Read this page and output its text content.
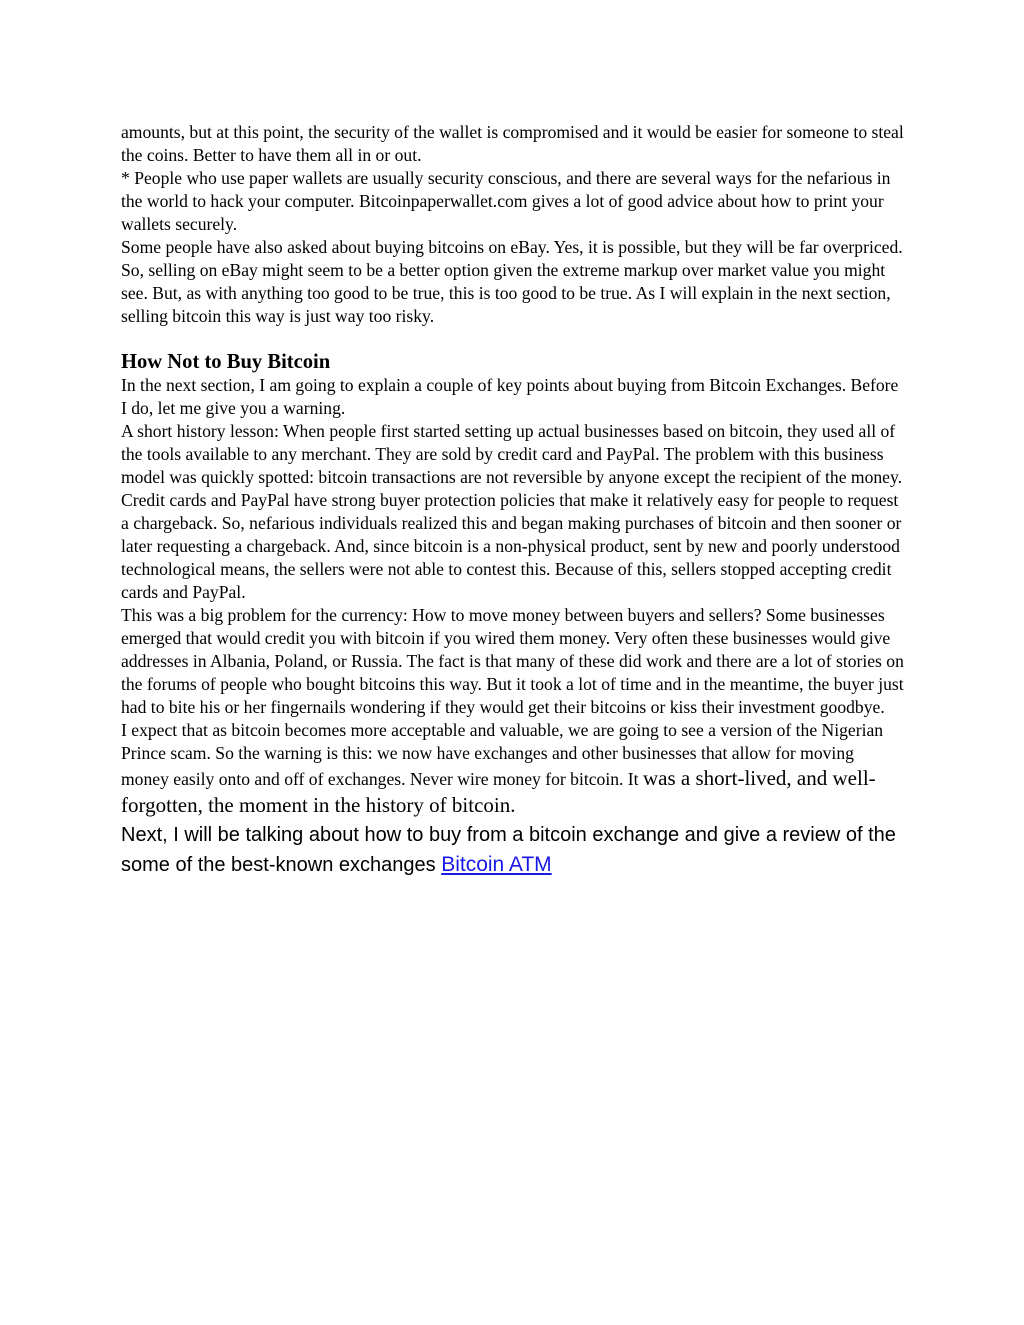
amounts, but at this point, the security of the wallet is compromised and it would be easier for someone to steal the coins. Better to have them all in or out.

* People who use paper wallets are usually security conscious, and there are several ways for the nefarious in the world to hack your computer. Bitcoinpaperwallet.com gives a lot of good advice about how to print your wallets securely.

Some people have also asked about buying bitcoins on eBay. Yes, it is possible, but they will be far overpriced. So, selling on eBay might seem to be a better option given the extreme markup over market value you might see. But, as with anything too good to be true, this is too good to be true. As I will explain in the next section, selling bitcoin this way is just way too risky.

How Not to Buy Bitcoin

In the next section, I am going to explain a couple of key points about buying from Bitcoin Exchanges. Before I do, let me give you a warning.

A short history lesson: When people first started setting up actual businesses based on bitcoin, they used all of the tools available to any merchant. They are sold by credit card and PayPal. The problem with this business model was quickly spotted: bitcoin transactions are not reversible by anyone except the recipient of the money. Credit cards and PayPal have strong buyer protection policies that make it relatively easy for people to request a chargeback. So, nefarious individuals realized this and began making purchases of bitcoin and then sooner or later requesting a chargeback. And, since bitcoin is a non-physical product, sent by new and poorly understood technological means, the sellers were not able to contest this. Because of this, sellers stopped accepting credit cards and PayPal.

This was a big problem for the currency: How to move money between buyers and sellers? Some businesses emerged that would credit you with bitcoin if you wired them money. Very often these businesses would give addresses in Albania, Poland, or Russia. The fact is that many of these did work and there are a lot of stories on the forums of people who bought bitcoins this way. But it took a lot of time and in the meantime, the buyer just had to bite his or her fingernails wondering if they would get their bitcoins or kiss their investment goodbye.

I expect that as bitcoin becomes more acceptable and valuable, we are going to see a version of the Nigerian Prince scam. So the warning is this: we now have exchanges and other businesses that allow for moving money easily onto and off of exchanges. Never wire money for bitcoin. It was a short-lived, and well-forgotten, the moment in the history of bitcoin.

Next, I will be talking about how to buy from a bitcoin exchange and give a review of the some of the best-known exchanges Bitcoin ATM
